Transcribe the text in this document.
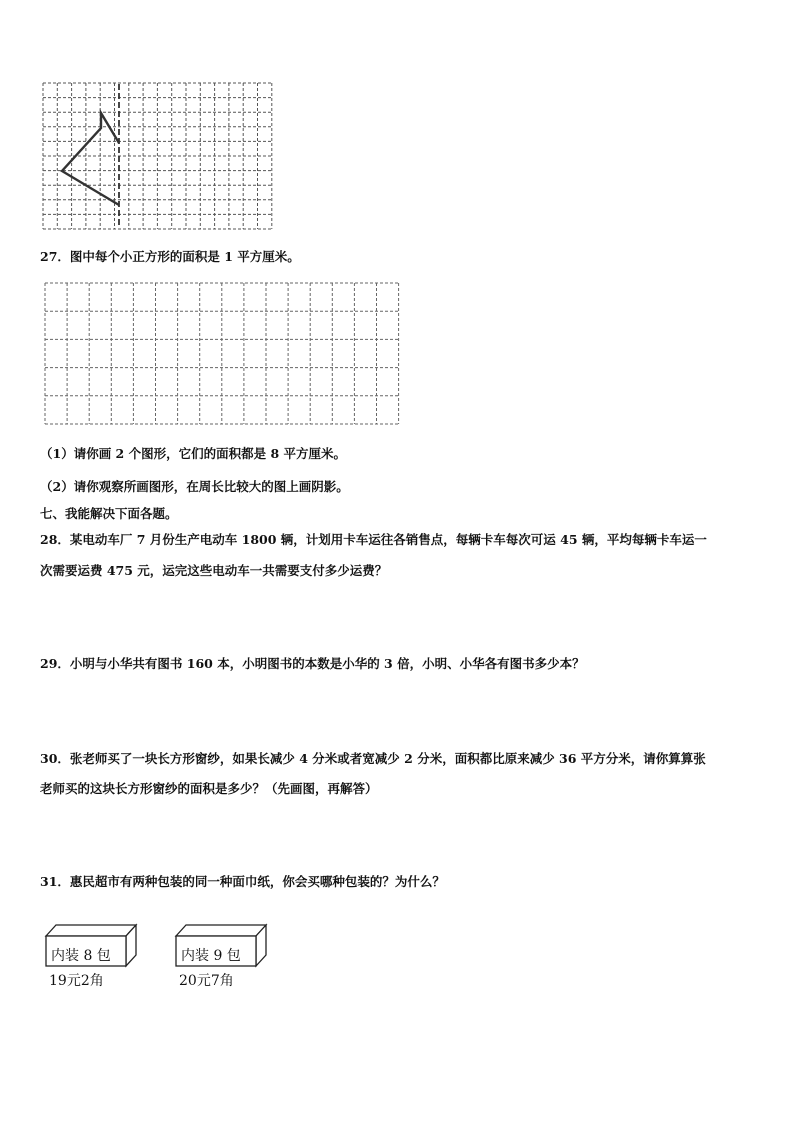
27．图中每个小正方形的面积是 1 平方厘米。
（1）请你画 2 个图形，它们的面积都是 8 平方厘米。
（2）请你观察所画图形，在周长比较大的图上画阴影。
七、我能解决下面各题。
28．某电动车厂 7 月份生产电动车 1800 辆，计划用卡车运往各销售点，每辆卡车每次可运 45 辆，平均每辆卡车运一
次需要运费 475 元，运完这些电动车一共需要支付多少运费？
29．小明与小华共有图书 160 本，小明图书的本数是小华的 3 倍，小明、小华各有图书多少本？
30．张老师买了一块长方形窗纱，如果长减少 4 分米或者宽减少 2 分米，面积都比原来减少 36 平方分米，请你算算张
老师买的这块长方形窗纱的面积是多少？（先画图，再解答）
31．惠民超市有两种包装的同一种面巾纸，你会买哪种包装的？为什么？
内装 8 包
19元2角
内装 9 包
20元7角
